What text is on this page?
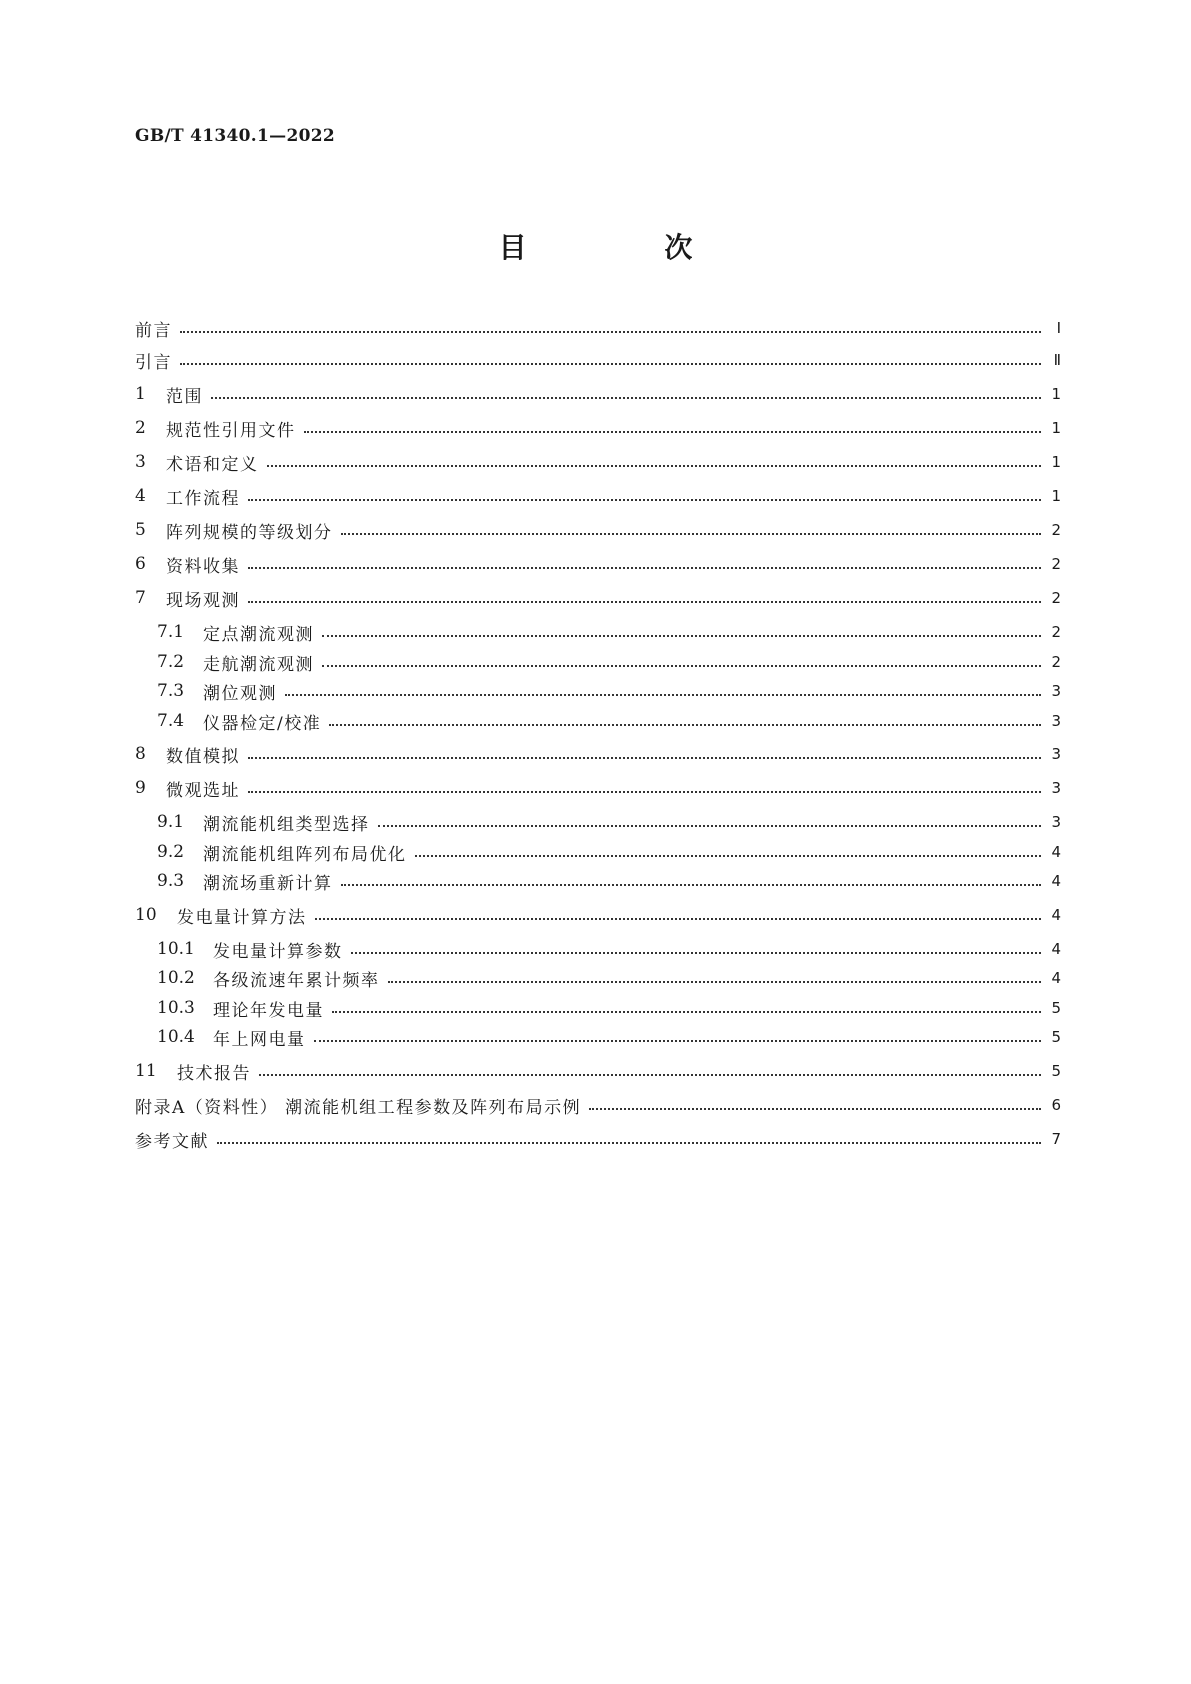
GB/T 41340.1—2022
目 次
前言	Ⅰ
引言	Ⅱ
1	范围	1
2	规范性引用文件	1
3	术语和定义	1
4	工作流程	1
5	阵列规模的等级划分	2
6	资料收集	2
7	现场观测	2
7.1	定点潮流观测	2
7.2	走航潮流观测	2
7.3	潮位观测	3
7.4	仪器检定/校准	3
8	数值模拟	3
9	微观选址	3
9.1	潮流能机组类型选择	3
9.2	潮流能机组阵列布局优化	4
9.3	潮流场重新计算	4
10	发电量计算方法	4
10.1	发电量计算参数	4
10.2	各级流速年累计频率	4
10.3	理论年发电量	5
10.4	年上网电量	5
11	技术报告	5
附录A（资料性） 潮流能机组工程参数及阵列布局示例	6
参考文献	7
